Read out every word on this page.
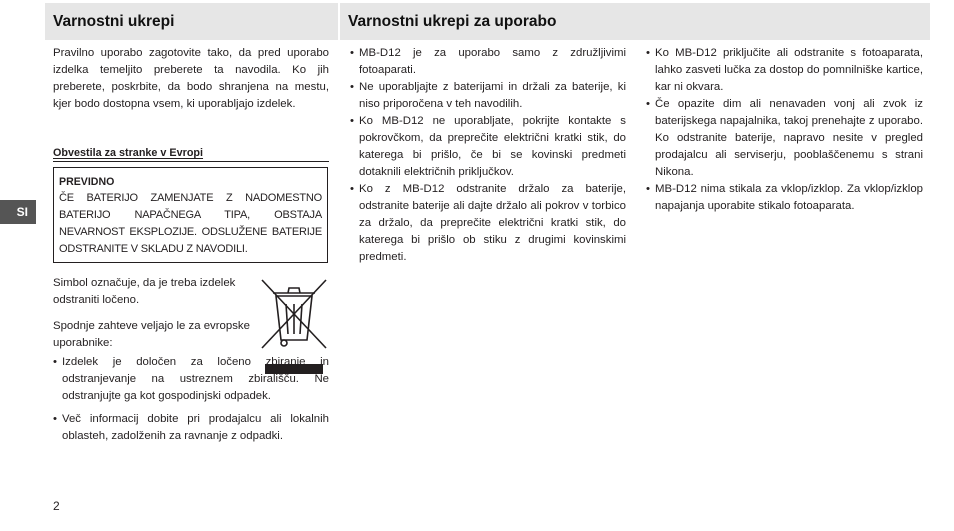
Varnostni ukrepi	Varnostni ukrepi za uporabo
SI
Pravilno uporabo zagotovite tako, da pred uporabo izdelka temeljito preberete ta navodila. Ko jih preberete, poskrbite, da bodo shranjena na mestu, kjer bodo dostopna vsem, ki uporabljajo izdelek.
Obvestila za stranke v Evropi
PREVIDNO
ČE BATERIJO ZAMENJATE Z NADOMESTNO BATERIJO NAPAČNEGA TIPA, OBSTAJA NEVARNOST EKSPLOZIJE. ODSLUŽENE BATERIJE ODSTRANITE V SKLADU Z NAVODILI.
Simbol označuje, da je treba izdelek odstraniti ločeno.
Spodnje zahteve veljajo le za evropske uporabnike:
• Izdelek je določen za ločeno zbiranje in odstranjevanje na ustreznem zbirališču. Ne odstranjujte ga kot gospodinjski odpadek.
• Več informacij dobite pri prodajalcu ali lokalnih oblasteh, zadolženih za ravnanje z odpadki.
• MB-D12 je za uporabo samo z združljivimi fotoaparati.
• Ne uporabljajte z baterijami in držali za baterije, ki niso priporočena v teh navodilih.
• Ko MB-D12 ne uporabljate, pokrijte kontakte s pokrovčkom, da preprečite električni kratki stik, do katerega bi prišlo, če bi se kovinski predmeti dotaknili električnih priključkov.
• Ko z MB-D12 odstranite držalo za baterije, odstranite baterije ali dajte držalo ali pokrov v torbico za držalo, da preprečite električni kratki stik, do katerega bi prišlo ob stiku z drugimi kovinskimi predmeti.
• Ko MB-D12 priključite ali odstranite s fotoaparata, lahko zasveti lučka za dostop do pomnilniške kartice, kar ni okvara.
• Če opazite dim ali nenavaden vonj ali zvok iz baterijskega napajalnika, takoj prenehajte z uporabo. Ko odstranite baterije, napravo nesite v pregled prodajalcu ali serviserju, pooblaščenemu s strani Nikona.
• MB-D12 nima stikala za vklop/izklop. Za vklop/izklop napajanja uporabite stikalo fotoaparata.
2
